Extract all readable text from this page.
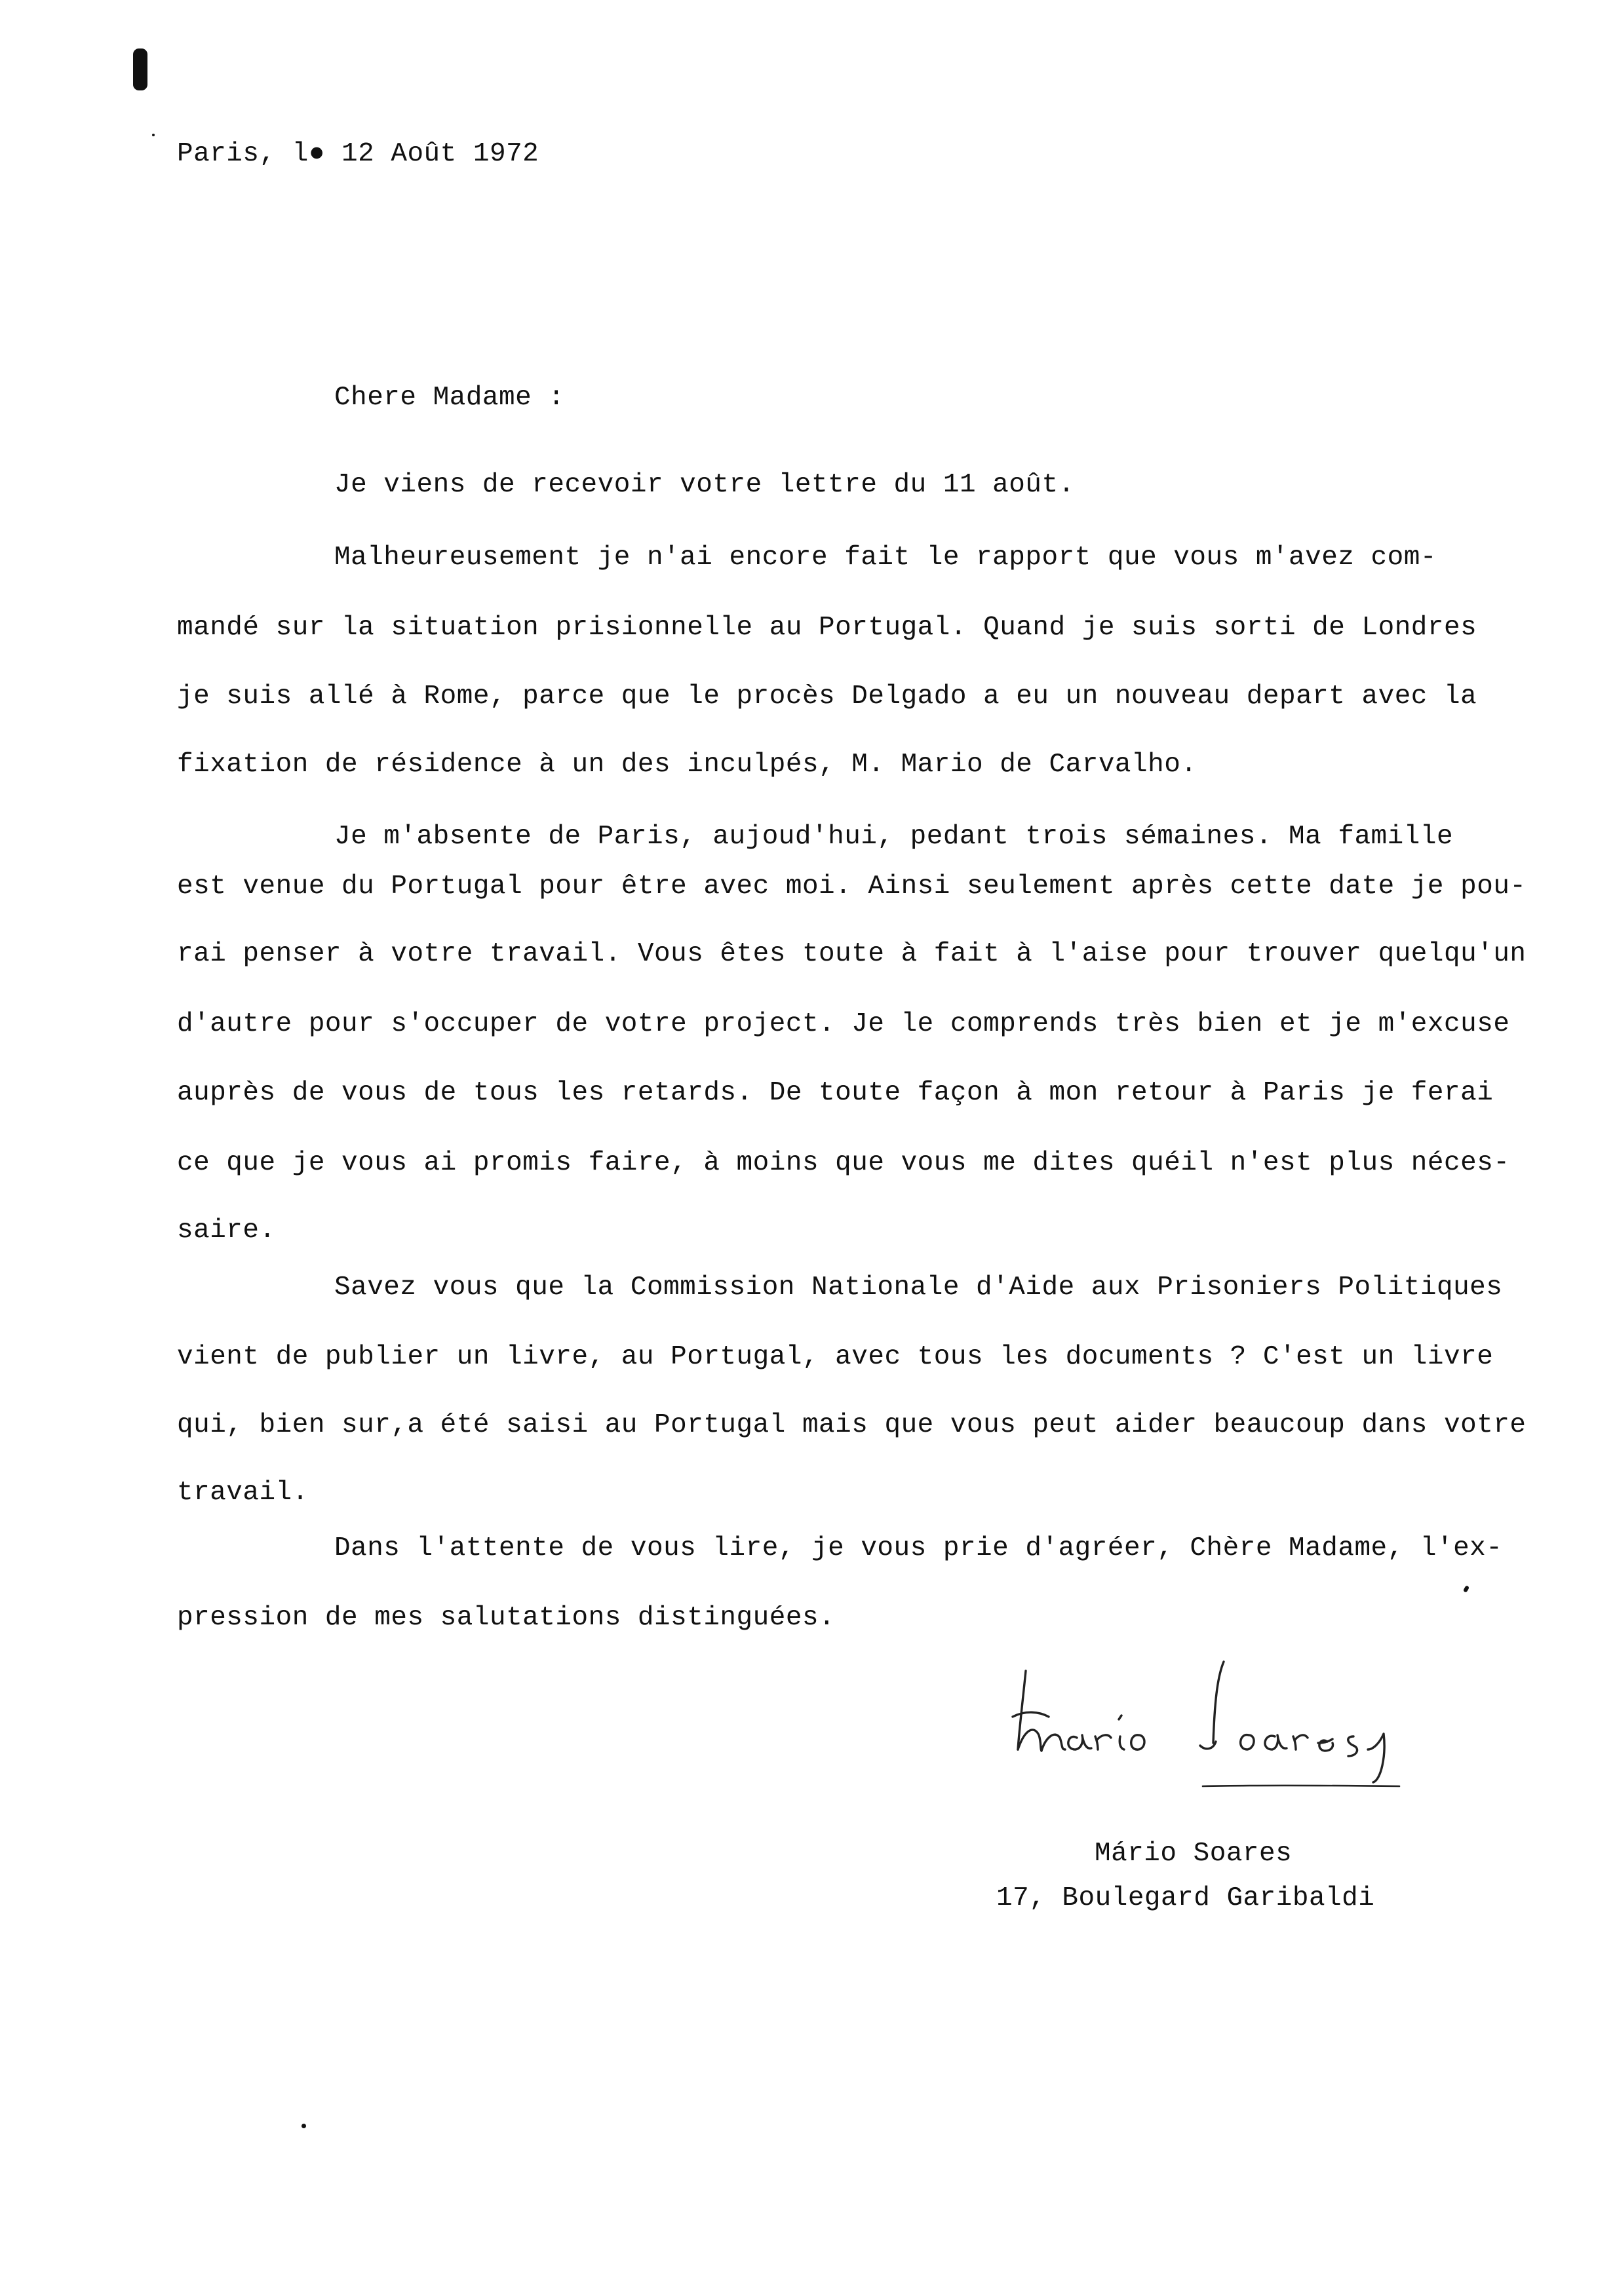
Paris, l● 12 Août 1972
Chere Madame :
Je viens de recevoir votre lettre du 11 août.
Malheureusement je n'ai encore fait le rapport que vous m'avez com-
mandé sur la situation prisionnelle au Portugal. Quand je suis sorti de Londres
je suis allé à Rome, parce que le procès Delgado a eu un nouveau depart avec la
fixation de résidence à un des inculpés, M. Mario de Carvalho.
Je m'absente de Paris, aujoud'hui, pedant trois sémaines. Ma famille
est venue du Portugal pour être avec moi. Ainsi seulement après cette date je pou-
rai penser à votre travail. Vous êtes toute à fait à l'aise pour trouver quelqu'un
d'autre pour s'occuper de votre project. Je le comprends très bien et je m'excuse
auprès de vous de tous les retards. De toute façon à mon retour à Paris je ferai
ce que je vous ai promis faire, à moins que vous me dites quéil n'est plus néces-
saire.
Savez vous que la Commission Nationale d'Aide aux Prisoniers Politiques
vient de publier un livre, au Portugal, avec tous les documents ? C'est un livre
qui, bien sur,a été saisi au Portugal mais que vous peut aider beaucoup dans votre
travail.
Dans l'attente de vous lire, je vous prie d'agréer, Chère Madame, l'ex-
pression de mes salutations distinguées.
Mário Soares
17, Boulegard Garibaldi
